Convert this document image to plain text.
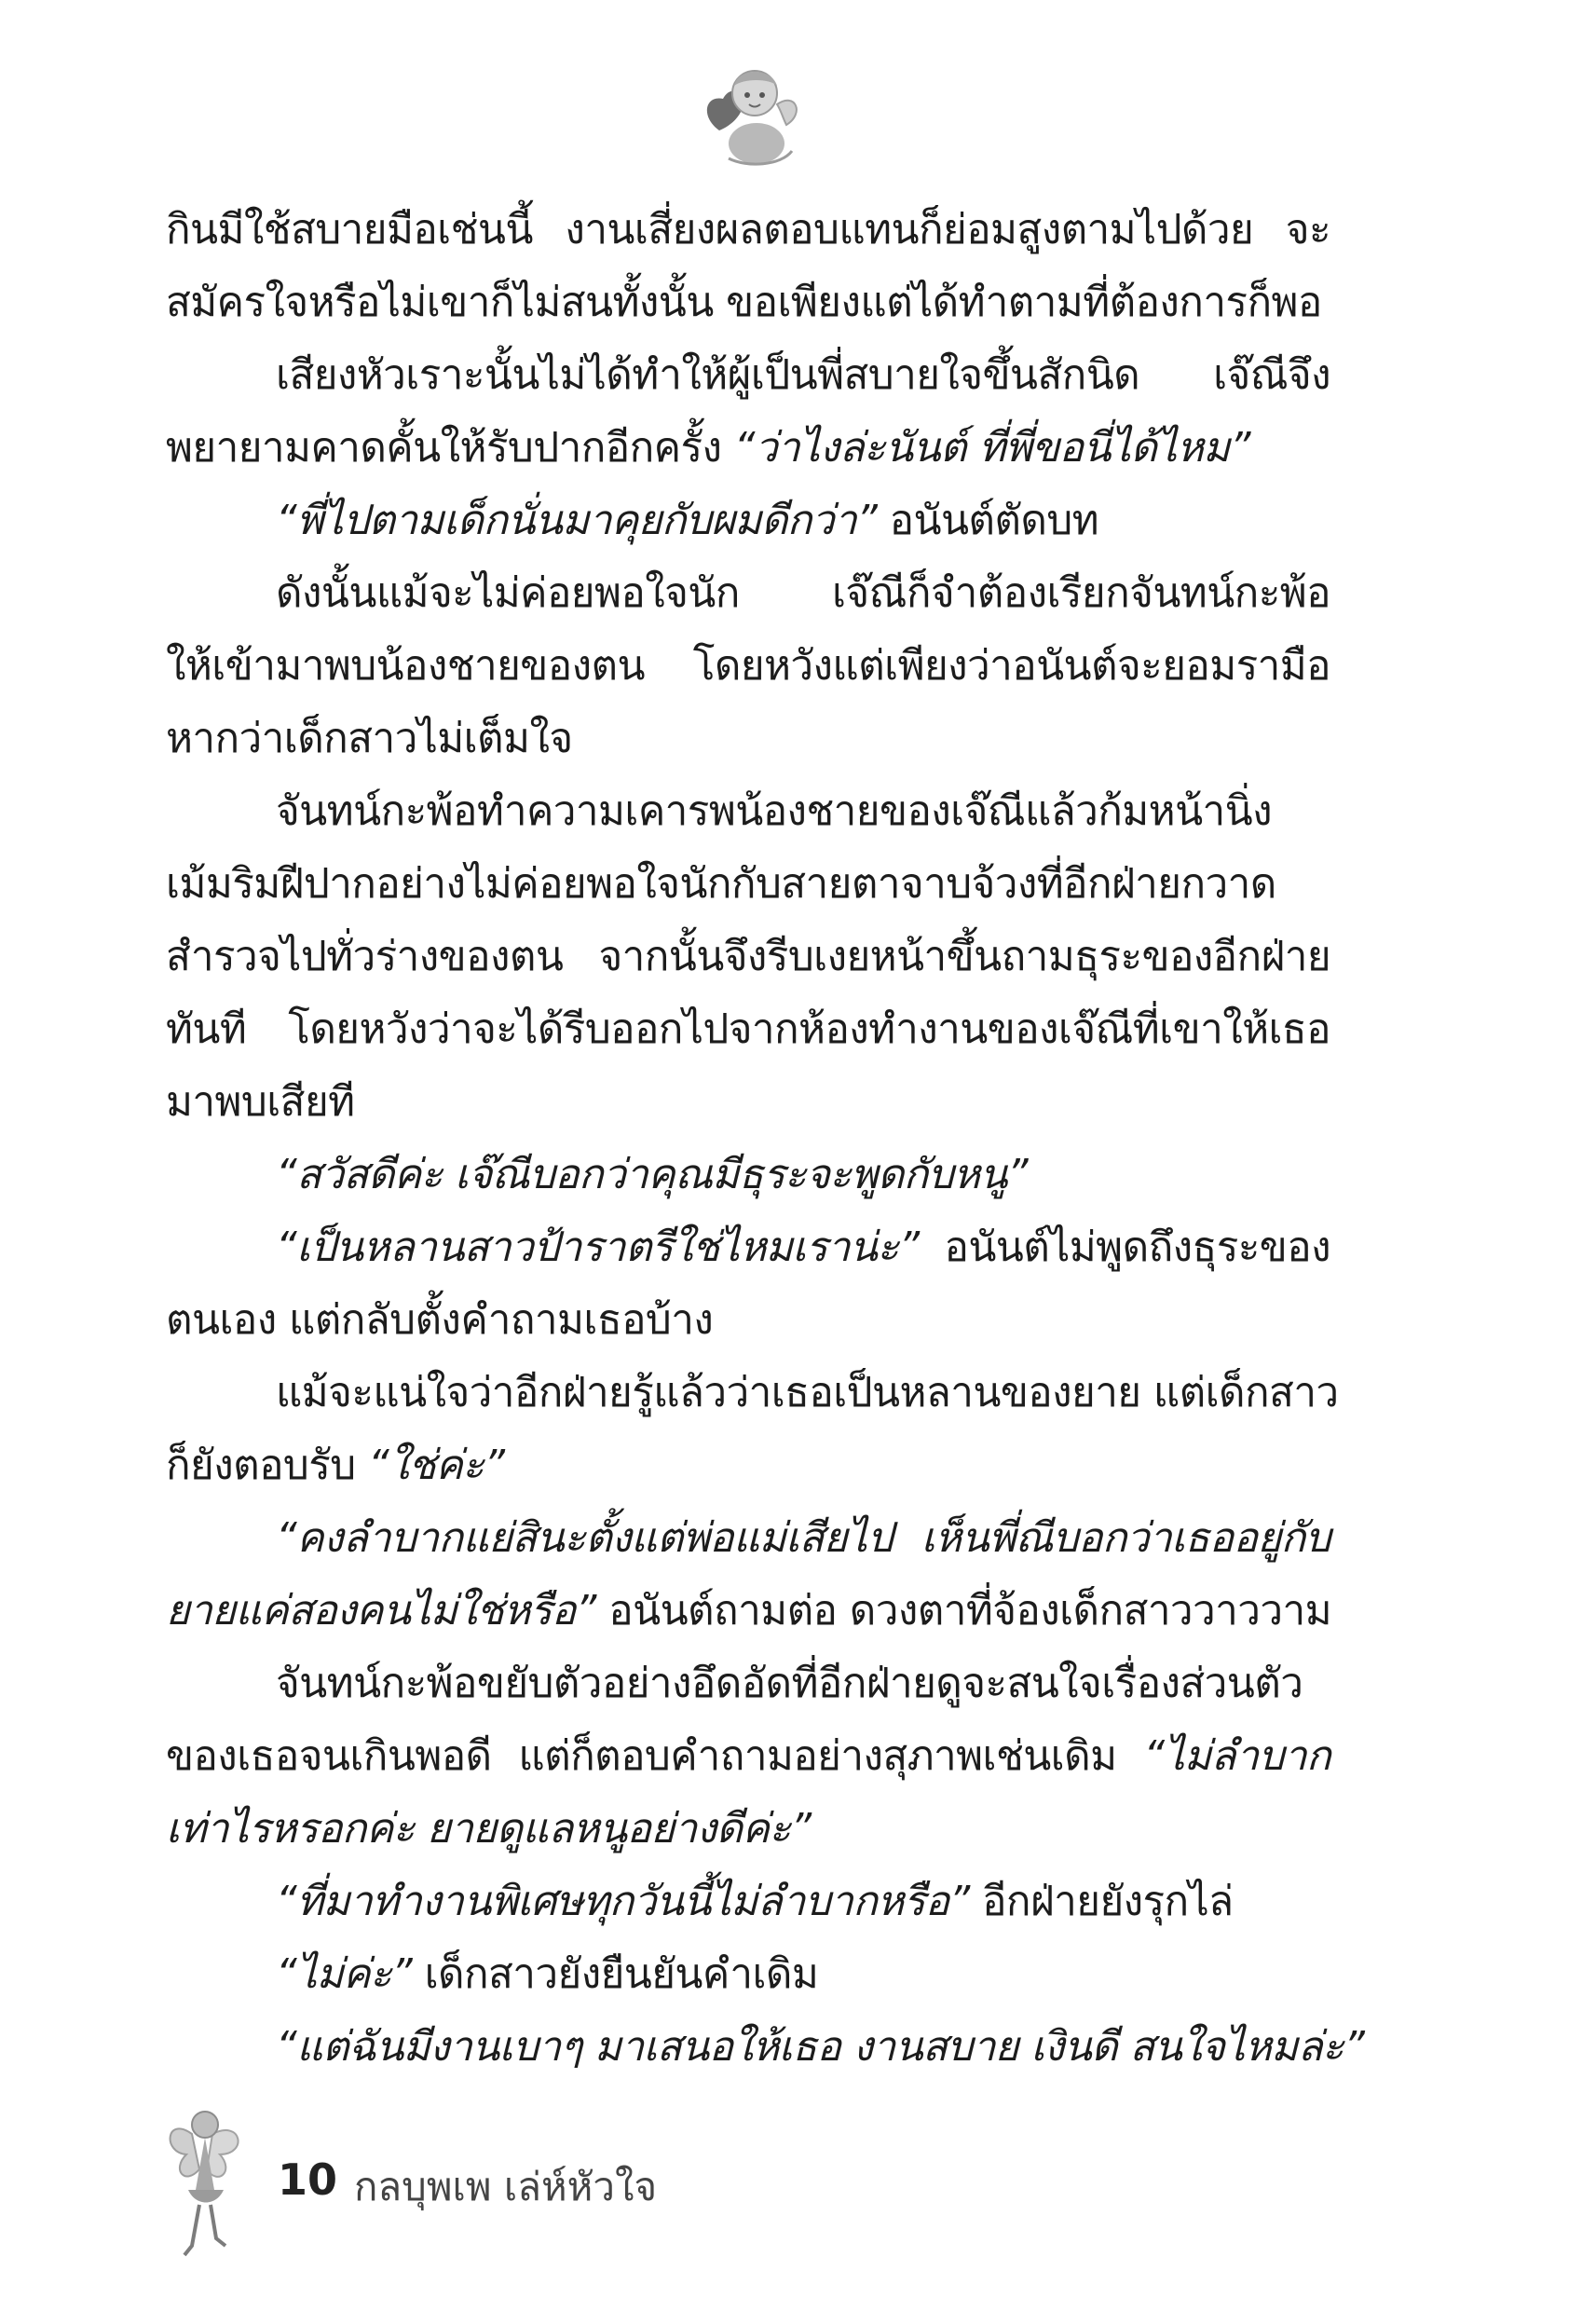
กินมีใช้สบายมือเช่นนี้ งานเสี่ยงผลตอบแทนก็ย่อมสูงตามไปด้วย จะ
สมัครใจหรือไม่เขาก็ไม่สนทั้งนั้น ขอเพียงแต่ได้ทำตามที่ต้องการก็พอ
เสียงหัวเราะนั้นไม่ได้ทำให้ผู้เป็นพี่สบายใจขึ้นสักนิด เจ๊ณีจึง
พยายามคาดคั้นให้รับปากอีกครั้ง “ว่าไงล่ะนันต์ ที่พี่ขอนี่ได้ไหม”
“พี่ไปตามเด็กนั่นมาคุยกับผมดีกว่า” อนันต์ตัดบท
ดังนั้นแม้จะไม่ค่อยพอใจนัก เจ๊ณีก็จำต้องเรียกจันทน์กะพ้อ
ให้เข้ามาพบน้องชายของตน โดยหวังแต่เพียงว่าอนันต์จะยอมรามือ
หากว่าเด็กสาวไม่เต็มใจ
จันทน์กะพ้อทำความเคารพน้องชายของเจ๊ณีแล้วก้มหน้านิ่ง
เม้มริมฝีปากอย่างไม่ค่อยพอใจนักกับสายตาจาบจ้วงที่อีกฝ่ายกวาด
สำรวจไปทั่วร่างของตน จากนั้นจึงรีบเงยหน้าขึ้นถามธุระของอีกฝ่าย
ทันที โดยหวังว่าจะได้รีบออกไปจากห้องทำงานของเจ๊ณีที่เขาให้เธอ
มาพบเสียที
“สวัสดีค่ะ เจ๊ณีบอกว่าคุณมีธุระจะพูดกับหนู”
“เป็นหลานสาวป้าราตรีใช่ไหมเราน่ะ” อนันต์ไม่พูดถึงธุระของ
ตนเอง แต่กลับตั้งคำถามเธอบ้าง
แม้จะแน่ใจว่าอีกฝ่ายรู้แล้วว่าเธอเป็นหลานของยาย แต่เด็กสาว
ก็ยังตอบรับ “ใช่ค่ะ”
“คงลำบากแย่สินะตั้งแต่พ่อแม่เสียไป เห็นพี่ณีบอกว่าเธออยู่กับ
ยายแค่สองคนไม่ใช่หรือ” อนันต์ถามต่อ ดวงตาที่จ้องเด็กสาววาววาม
จันทน์กะพ้อขยับตัวอย่างอึดอัดที่อีกฝ่ายดูจะสนใจเรื่องส่วนตัว
ของเธอจนเกินพอดี แต่ก็ตอบคำถามอย่างสุภาพเช่นเดิม “ไม่ลำบาก
เท่าไรหรอกค่ะ ยายดูแลหนูอย่างดีค่ะ”
“ที่มาทำงานพิเศษทุกวันนี้ไม่ลำบากหรือ” อีกฝ่ายยังรุกไล่
“ไม่ค่ะ” เด็กสาวยังยืนยันคำเดิม
“แต่ฉันมีงานเบาๆ มาเสนอให้เธอ งานสบาย เงินดี สนใจไหมล่ะ”
10 กลบุพเพ เล่ห์หัวใจ
